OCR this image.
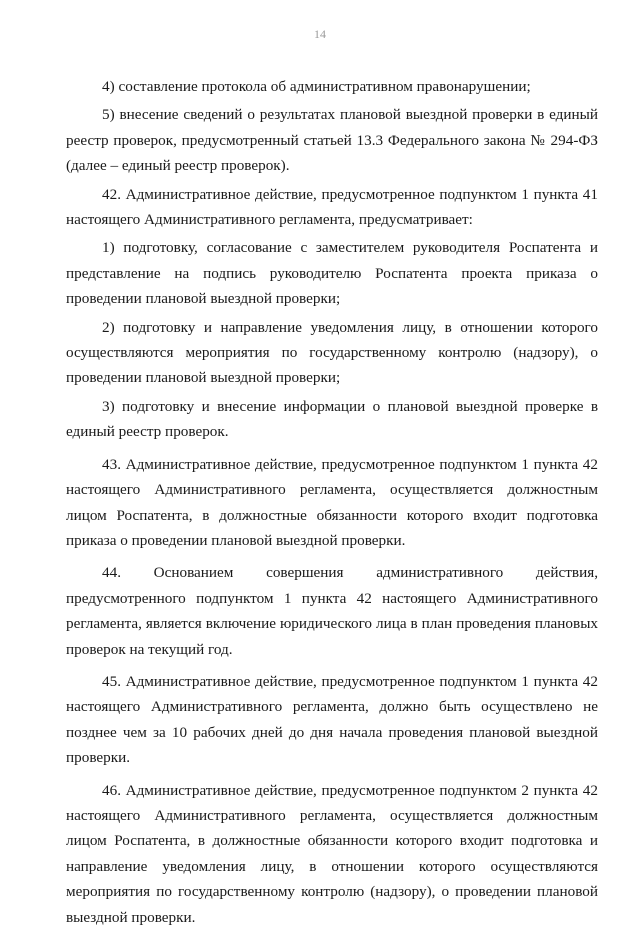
14

4) составление протокола об административном правонарушении;

5) внесение сведений о результатах плановой выездной проверки в единый реестр проверок, предусмотренный статьей 13.3 Федерального закона № 294-ФЗ (далее – единый реестр проверок).

42. Административное действие, предусмотренное подпунктом 1 пункта 41 настоящего Административного регламента, предусматривает:

1) подготовку, согласование с заместителем руководителя Роспатента и представление на подпись руководителю Роспатента проекта приказа о проведении плановой выездной проверки;

2) подготовку и направление уведомления лицу, в отношении которого осуществляются мероприятия по государственному контролю (надзору), о проведении плановой выездной проверки;

3) подготовку и внесение информации о плановой выездной проверке в единый реестр проверок.

43. Административное действие, предусмотренное подпунктом 1 пункта 42 настоящего Административного регламента, осуществляется должностным лицом Роспатента, в должностные обязанности которого входит подготовка приказа о проведении плановой выездной проверки.

44. Основанием совершения административного действия, предусмотренного подпунктом 1 пункта 42 настоящего Административного регламента, является включение юридического лица в план проведения плановых проверок на текущий год.

45. Административное действие, предусмотренное подпунктом 1 пункта 42 настоящего Административного регламента, должно быть осуществлено не позднее чем за 10 рабочих дней до дня начала проведения плановой выездной проверки.

46. Административное действие, предусмотренное подпунктом 2 пункта 42 настоящего Административного регламента, осуществляется должностным лицом Роспатента, в должностные обязанности которого входит подготовка и направление уведомления лицу, в отношении которого осуществляются мероприятия по государственному контролю (надзору), о проведении плановой выездной проверки.
